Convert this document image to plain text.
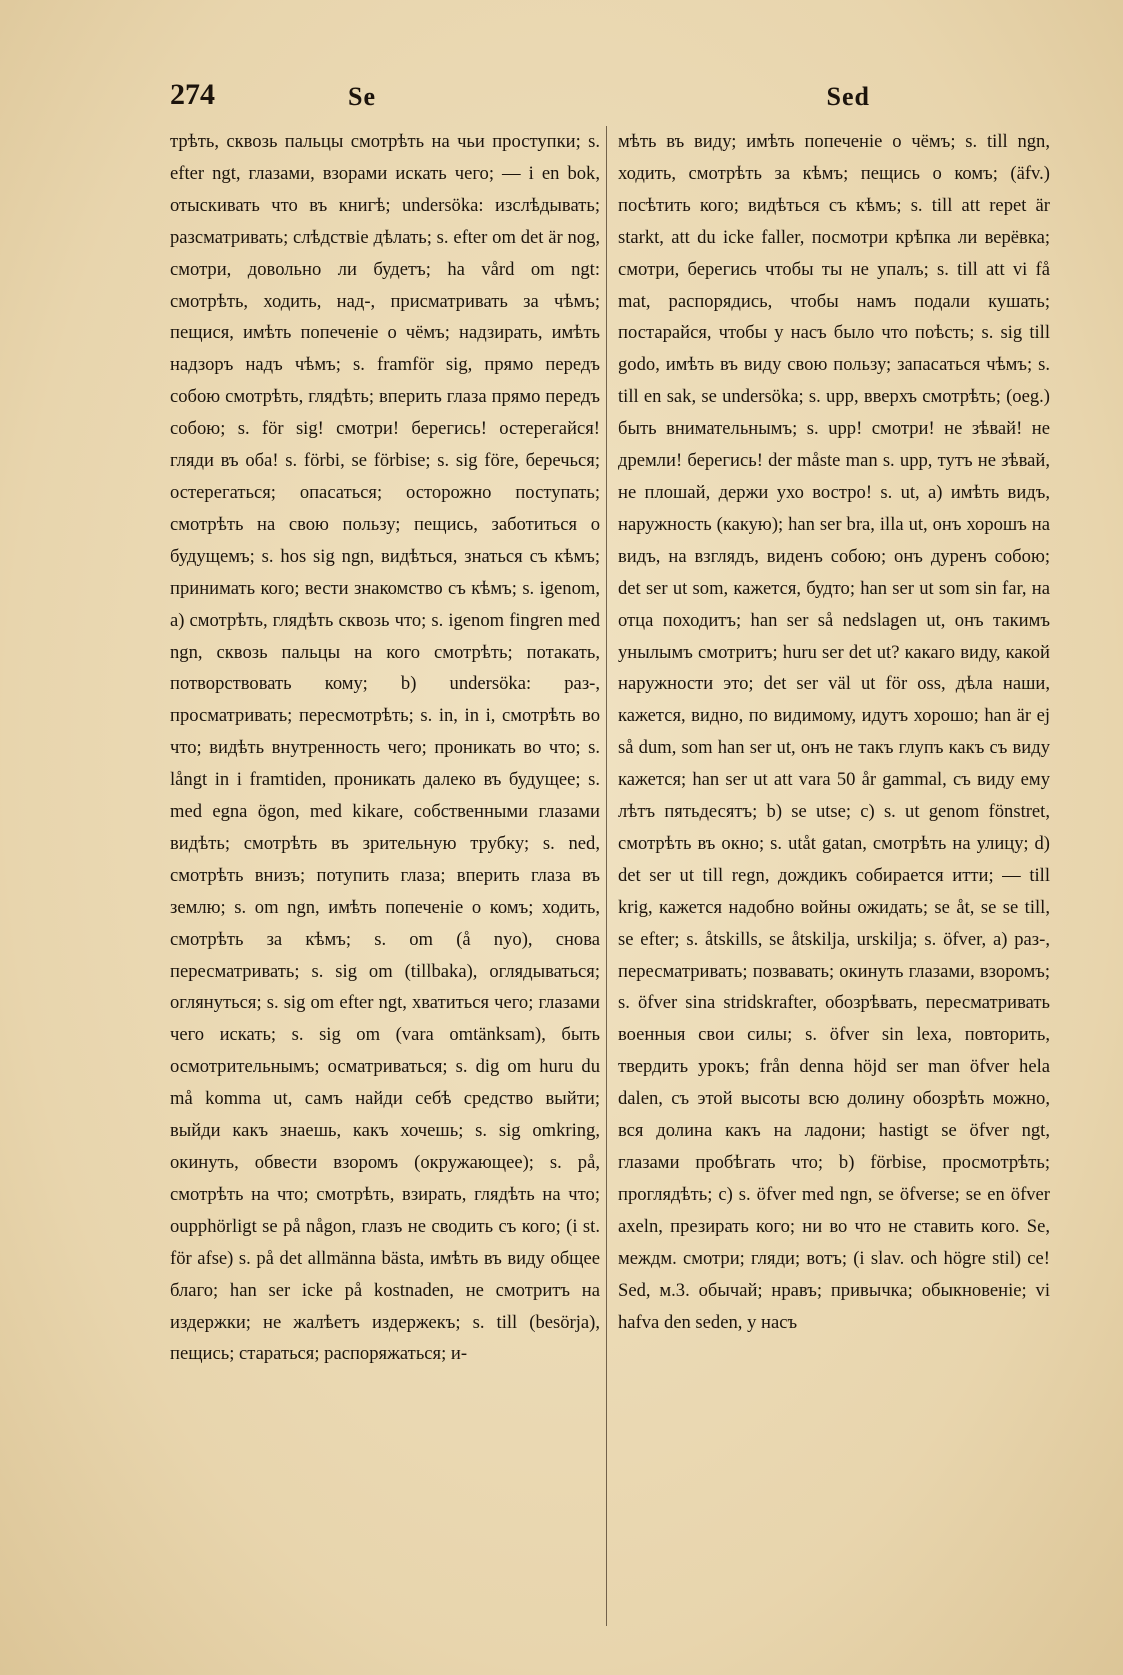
274	Se	Sed

трѣть, сквозь пальцы смотрѣть на чьи проступки; s. efter ngt, глазами, взорами искать чего; — i en bok, отыскивать что въ книгѣ; undersöka: изслѣдывать; разсматривать; слѣдствіе дѣлать; s. efter om det är nog, смотри, довольно ли будетъ; ha vård om ngt: смотрѣть, ходить, над-, присматривать за чѣмъ; пещися, имѣть попеченіе о чёмъ; надзирать, имѣть надзоръ надъ чѣмъ; s. framför sig, прямо передъ собою смотрѣть, глядѣть; вперить глаза прямо передъ собою; s. för sig! смотри! берегись! остерегайся! гляди въ оба! s. förbi, se förbise; s. sig före, беречься; остерегаться; опасаться; осторожно поступать; смотрѣть на свою пользу; пещись, заботиться о будущемъ; s. hos sig ngn, видѣться, знаться съ кѣмъ; принимать кого; вести знакомство съ кѣмъ; s. igenom, а) смотрѣть, глядѣть сквозь что; s. igenom fingren med ngn, сквозь пальцы на кого смотрѣть; потакать, потворствовать кому; b) undersöka: раз-, просматривать; пересмотрѣть; s. in, in i, смотрѣть во что; видѣть внутренность чего; проникать во что; s. långt in i framtiden, проникать далеко въ будущее; s. med egna ögon, med kikare, собственными глазами видѣть; смотрѣть въ зрительную трубку; s. ned, смотрѣть внизъ; потупить глаза; вперить глаза въ землю; s. om ngn, имѣть попеченіе о комъ; ходить, смотрѣть за кѣмъ; s. om (å nyo), снова пересматривать; s. sig om (tillbaka), оглядываться; оглянуться; s. sig om efter ngt, хватиться чего; глазами чего искать; s. sig om (vara omtänksam), быть осмотрительнымъ; осматриваться; s. dig om huru du må komma ut, самъ найди себѣ средство выйти; выйди какъ знаешь, какъ хочешь; s. sig omkring, окинуть, обвести взоромъ (окружающее); s. på, смотрѣть на что; смотрѣть, взирать, глядѣть на что; oupphörligt se på någon, глазъ не сводить съ кого; (i st. för afse) s. på det allmänna bästa, имѣть въ виду общее благо; han ser icke på kostnaden, не смотритъ на издержки; не жалѣетъ издержекъ; s. till (besörja), пещись; стараться; распоряжаться; и-

мѣть въ виду; имѣть попеченіе о чёмъ; s. till ngn, ходить, смотрѣть за кѣмъ; пещись о комъ; (äfv.) посѣтить кого; видѣться съ кѣмъ; s. till att repet är starkt, att du icke faller, посмотри крѣпка ли верёвка; смотри, берегись чтобы ты не упалъ; s. till att vi få mat, распорядись, чтобы намъ подали кушать; постарайся, чтобы у насъ было что поѣсть; s. sig till godo, имѣть въ виду свою пользу; запасаться чѣмъ; s. till en sak, se undersöka; s. upp, вверхъ смотрѣть; (oeg.) быть внимательнымъ; s. upp! смотри! не зѣвай! не дремли! берегись! der måste man s. upp, тутъ не зѣвай, не плошай, держи ухо востро! s. ut, а) имѣть видъ, наружность (какую); han ser bra, illa ut, онъ хорошъ на видъ, на взглядъ, виденъ собою; онъ дуренъ собою; det ser ut som, кажется, будто; han ser ut som sin far, на отца походитъ; han ser så nedslagen ut, онъ такимъ унылымъ смотритъ; huru ser det ut? какаго виду, какой наружности это; det ser väl ut för oss, дѣла наши, кажется, видно, по видимому, идутъ хорошо; han är ej så dum, som han ser ut, онъ не такъ глупъ какъ съ виду кажется; han ser ut att vara 50 år gammal, съ виду ему лѣтъ пятьдесятъ; b) se utse; c) s. ut genom fönstret, смотрѣть въ окно; s. utåt gatan, смотрѣть на улицу; d) det ser ut till regn, дождикъ собирается итти; — till krig, кажется надобно войны ожидать; se åt, se se till, se efter; s. åtskills, se åtskilja, urskilja; s. öfver, а) раз-, пересматривать; позвавать; окинуть глазами, взоромъ; s. öfver sina stridskrafter, обозрѣвать, пересматривать военныя свои силы; s. öfver sin lexa, повторить, твердить урокъ; från denna höjd ser man öfver hela dalen, съ этой высоты всю долину обозрѣть можно, вся долина какъ на ладони; hastigt se öfver ngt, глазами пробѣгать что; b) förbise, просмотрѣть; проглядѣть; c) s. öfver med ngn, se öfverse; se en öfver axeln, презирать кого; ни во что не ставить кого. Se, междм. смотри; гляди; вотъ; (i slav. och högre stil) ce! Sed, м.3. обычай; нравъ; привычка; обыкновеніе; vi hafva den seden, у насъ
